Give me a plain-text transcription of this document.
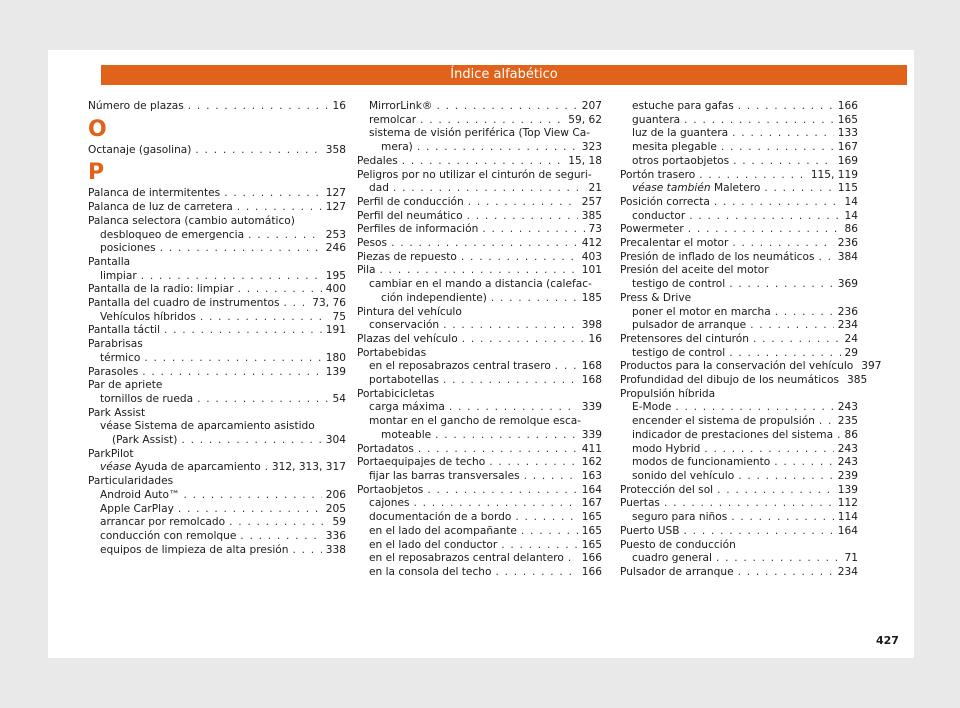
Índice alfabético
Número de plazas . . .	16
O
Octanaje (gasolina) . . .	358
P
Palanca de intermitentes . . .	127
Palanca de luz de carretera . . .	127
Palanca selectora (cambio automático)
desbloqueo de emergencia . . .	253
posiciones . . .	246
Pantalla
limpiar . . .	195
Pantalla de la radio: limpiar . . .	400
Pantalla del cuadro de instrumentos . . .	73, 76
Vehículos híbridos . . .	75
Pantalla táctil . . .	191
Parabrisas
térmico . . .	180
Parasoles . . .	139
Par de apriete
tornillos de rueda . . .	54
Park Assist
véase Sistema de aparcamiento asistido
(Park Assist) . . .	304
ParkPilot
véase Ayuda de aparcamiento . . . 312, 313, 317
Particularidades
Android Auto™ . . .	206
Apple CarPlay . . .	205
arrancar por remolcado . . .	59
conducción con remolque . . .	336
equipos de limpieza de alta presión . . .	338
MirrorLink® . . .	207
remolcar . . .	59, 62
sistema de visión periférica (Top View Ca-
mera) . . .	323
Pedales . . .	15, 18
Peligros por no utilizar el cinturón de seguri-
dad . . .	21
Perfil de conducción . . .	257
Perfil del neumático . . .	385
Perfiles de información . . .	73
Pesos . . .	412
Piezas de repuesto . . .	403
Pila . . .	101
cambiar en el mando a distancia (calefac-
ción independiente) . . .	185
Pintura del vehículo
conservación . . .	398
Plazas del vehículo . . .	16
Portabebidas
en el reposabrazos central trasero . . .	168
portabotellas . . .	168
Portabicicletas
carga máxima . . .	339
montar en el gancho de remolque esca-
moteable . . .	339
Portadatos . . .	411
Portaequipajes de techo . . .	162
fijar las barras transversales . . .	163
Portaobjetos . . .	164
cajones . . .	167
documentación de a bordo . . .	165
en el lado del acompañante . . .	165
en el lado del conductor . . .	165
en el reposabrazos central delantero . . . 166
en la consola del techo . . .	166
estuche para gafas . . .	166
guantera . . .	165
luz de la guantera . . .	133
mesita plegable . . .	167
otros portaobjetos . . .	169
Portón trasero . . .	115, 119
véase también Maletero . . .	115
Posición correcta . . .	14
conductor . . .	14
Powermeter . . .	86
Precalentar el motor . . .	236
Presión de inflado de los neumáticos . . . 384
Presión del aceite del motor
testigo de control . . .	369
Press & Drive
poner el motor en marcha . . .	236
pulsador de arranque . . .	234
Pretensores del cinturón . . .	24
testigo de control . . .	29
Productos para la conservación del vehículo 397
Profundidad del dibujo de los neumáticos 385
Propulsión híbrida
E-Mode . . .	243
encender el sistema de propulsión . . . 235
indicador de prestaciones del sistema . . . 86
modo Hybrid . . .	243
modos de funcionamiento . . .	243
sonido del vehículo . . .	239
Protección del sol . . .	139
Puertas . . .	112
seguro para niños . . .	114
Puerto USB . . .	164
Puesto de conducción
cuadro general . . .	71
Pulsador de arranque . . .	234
427
